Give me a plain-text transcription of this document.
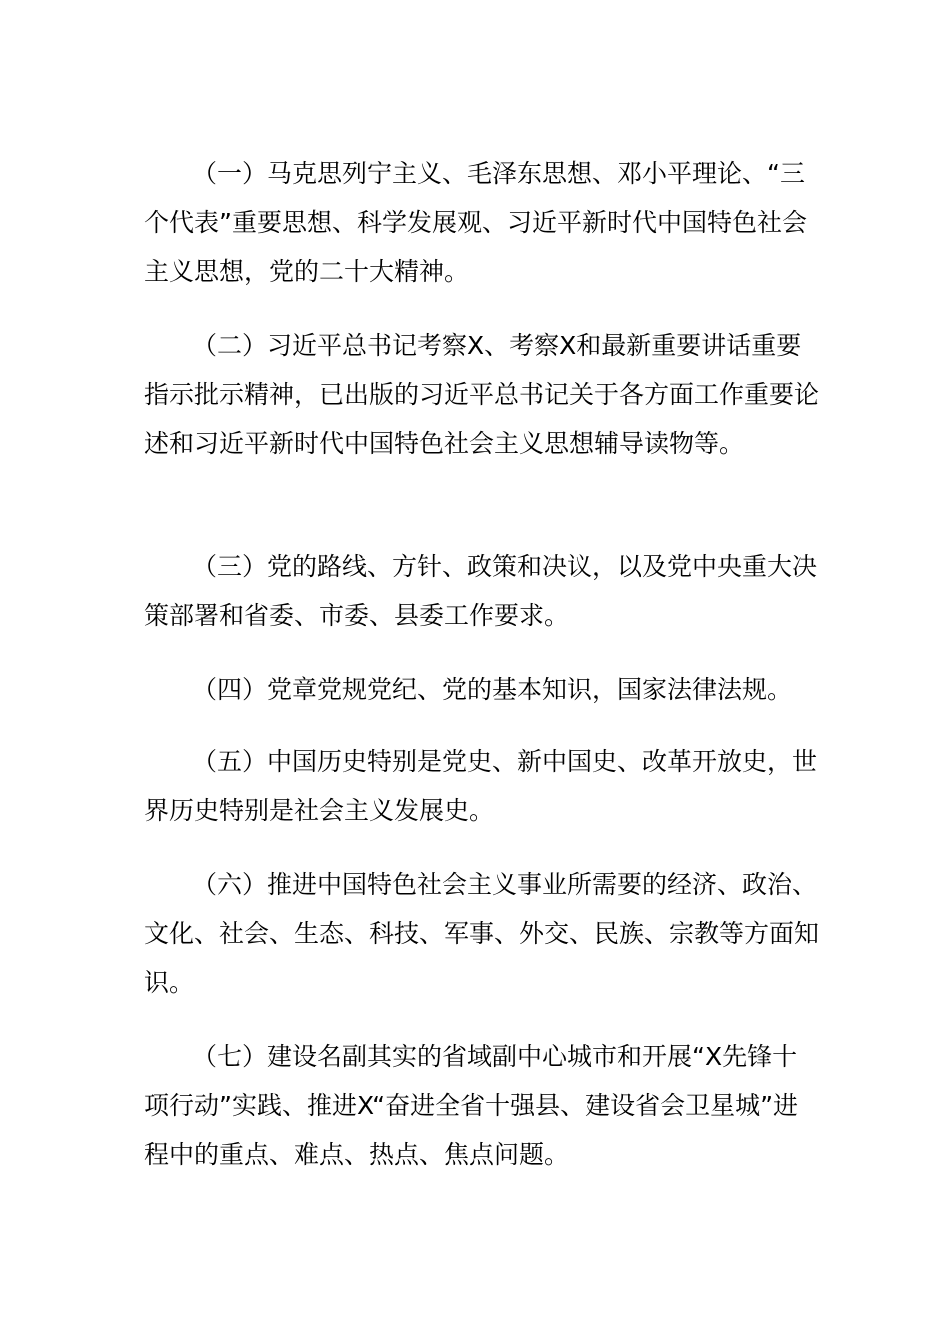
（一）马克思列宁主义、毛泽东思想、邓小平理论、“三个代表”重要思想、科学发展观、习近平新时代中国特色社会主义思想，党的二十大精神。

（二）习近平总书记考察X、考察X和最新重要讲话重要指示批示精神，已出版的习近平总书记关于各方面工作重要论述和习近平新时代中国特色社会主义思想辅导读物等。

（三）党的路线、方针、政策和决议，以及党中央重大决策部署和省委、市委、县委工作要求。

（四）党章党规党纪、党的基本知识，国家法律法规。

（五）中国历史特别是党史、新中国史、改革开放史，世界历史特别是社会主义发展史。

（六）推进中国特色社会主义事业所需要的经济、政治、文化、社会、生态、科技、军事、外交、民族、宗教等方面知识。

（七）建设名副其实的省域副中心城市和开展“X先锋十项行动”实践、推进X“奋进全省十强县、建设省会卫星城”进程中的重点、难点、热点、焦点问题。
